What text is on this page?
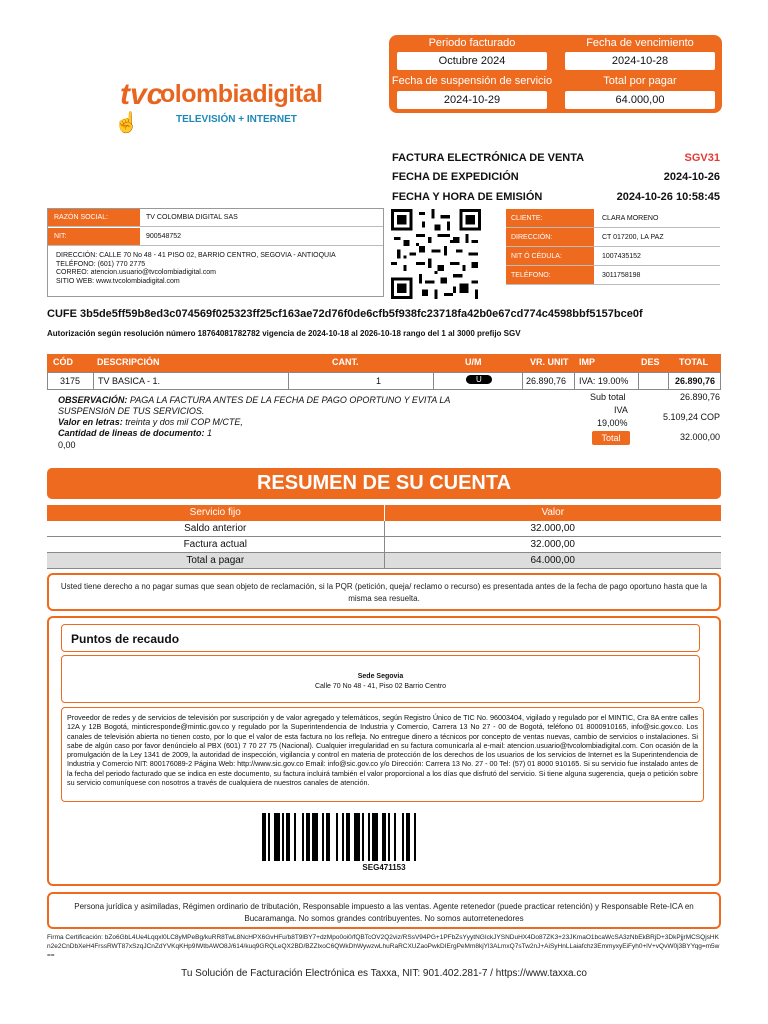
tvc
olombiadigital
☝	TELEVISIÓN + INTERNET
Periodo facturado
Octubre 2024
Fecha de vencimiento
2024-10-28
Fecha de suspensión de servicio
2024-10-29
Total por pagar
64.000,00
FACTURA ELECTRÓNICA DE VENTA	SGV31
FECHA DE EXPEDICIÓN	2024-10-26
FECHA Y HORA DE EMISIÓN	2024-10-26 10:58:45
RAZÓN SOCIAL:	TV COLOMBIA DIGITAL SAS
NIT:	900548752
DIRECCIÓN: CALLE 70 No 48 - 41 PISO 02, BARRIO CENTRO, SEGOVIA - ANTIOQUIA
TELÉFONO: (601) 770 2775
CORREO: atencion.usuario@tvcolombiadigital.com
SITIO WEB: www.tvcolombiadigital.com
CLIENTE:	CLARA MORENO
DIRECCIÓN:	CT 017200, LA PAZ
NIT Ó CÉDULA:	1007435152
TELÉFONO:	3011758198
CUFE 3b5de5ff59b8ed3c074569f025323ff25cf163ae72d76f0de6cfb5f938fc23718fa42b0e67cd774c4598bbf5157bce0f
Autorización según resolución número 18764081782782 vigencia de 2024-10-18 al 2026-10-18 rango del 1 al 3000 prefijo SGV
CÓD	DESCRIPCIÓN	CANT.	U/M	VR. UNIT IMP	DES TOTAL
3175 TV BASICA - 1.	1	U	26.890,76 IVA: 19.00%	26.890,76
OBSERVACIÓN: PAGA LA FACTURA ANTES DE LA FECHA DE PAGO OPORTUNO Y EVITA LA SUSPENSIóN DE TUS SERVICIOS.
Valor en letras: treinta y dos mil COP M/CTE,
Cantidad de lineas de documento: 1
0,00
Sub total	26.890,76
IVA
19,00%
5.109,24 COP
Total	32.000,00
RESUMEN DE SU CUENTA
Servicio fijo	Valor
Saldo anterior	32.000,00
Factura actual	32.000,00
Total a pagar	64.000,00
Usted tiene derecho a no pagar sumas que sean objeto de reclamación, si la PQR (petición, queja/ reclamo o recurso) es presentada antes de la fecha de pago oportuno hasta que la misma sea resuelta.
Puntos de recaudo
Sede Segovia
Calle 70 No 48 - 41, Piso 02 Barrio Centro
Proveedor de redes y de servicios de televisión por suscripción y de valor agregado y telemáticos, según Registro Único de TIC No. 96003404, vigilado y regulado por el MINTIC, Cra 8A entre calles 12A y 12B Bogotá, minticresponde@mintic.gov.co y regulado por la Superintendencia de Industria y Comercio, Carrera 13 No 27 - 00 de Bogotá, teléfono 01 8000910165, info@sic.gov.co. Los canales de televisión abierta no tienen costo, por lo que el valor de esta factura no los refleja. No entregue dinero a técnicos por concepto de ventas nuevas, cambio de servicios o instalaciones. Si sabe de algún caso por favor denúncielo al PBX (601) 7 70 27 75 (Nacional). Cualquier irregularidad en su factura comunicarla al e-mail: atencion.usuario@tvcolombiadigital.com. Con ocasión de la promulgación de la Ley 1341 de 2009, la autoridad de inspección, vigilancia y control en materia de protección de los derechos de los usuarios de los servicios de Internet es la Superintendencia de Industria y Comercio NIT: 800176089-2 Página Web: http://www.sic.gov.co Email: info@sic.gov.co y/o Dirección: Carrera 13 No. 27 - 00 Tel: (57) 01 8000 910165. Si su servicio fue instalado antes de la fecha del periodo facturado que se indica en este documento, su factura incluirá también el valor proporcional a los días que disfrutó del servicio. Si tiene alguna sugerencia, queja o petición sobre su servicio comuníquese con nosotros a través de cualquiera de nuestros canales de atención.
SEG471153
Persona jurídica y asimiladas, Régimen ordinario de tributación, Responsable impuesto a las ventas. Agente retenedor (puede practicar retención) y Responsable Rete-ICA en Bucaramanga. No somos grandes contribuyentes. No somos autorretenedores
Firma Certificación: bZo6GbL4Ue4Lqqxl0LC8yMPeBg/kuRR8TwL8NcHPX6GvHFu/b8T9lBY7+dzMpo0oi0/fQBTcOV2Q2viz/RSsV94PG+1PFbZsYyytNGIckJYSNDuHX4Do87ZK3+23JKmaO1bcaWcSA3zNbEkBRjD+3DkPjjrMCSQjsHKn2e2CnDbXeH4FrssRWT87xSzqJCnZdYVKqKHp9IWtbAWO8J/614/kuq9GRQLeQX2BD/BZZlxoC6QWkDhWywzwLhuRaRCXUZaoPwkDIErgPeMm8kjYl3ALmxQ7sTw2nJ+AiSyHnLLaiafchz3EmmyxyEiFyh0+lV+vQvW0j3BYYqg=m5w==
Tu Solución de Facturación Electrónica es Taxxa, NIT: 901.402.281-7 / https://www.taxxa.co
